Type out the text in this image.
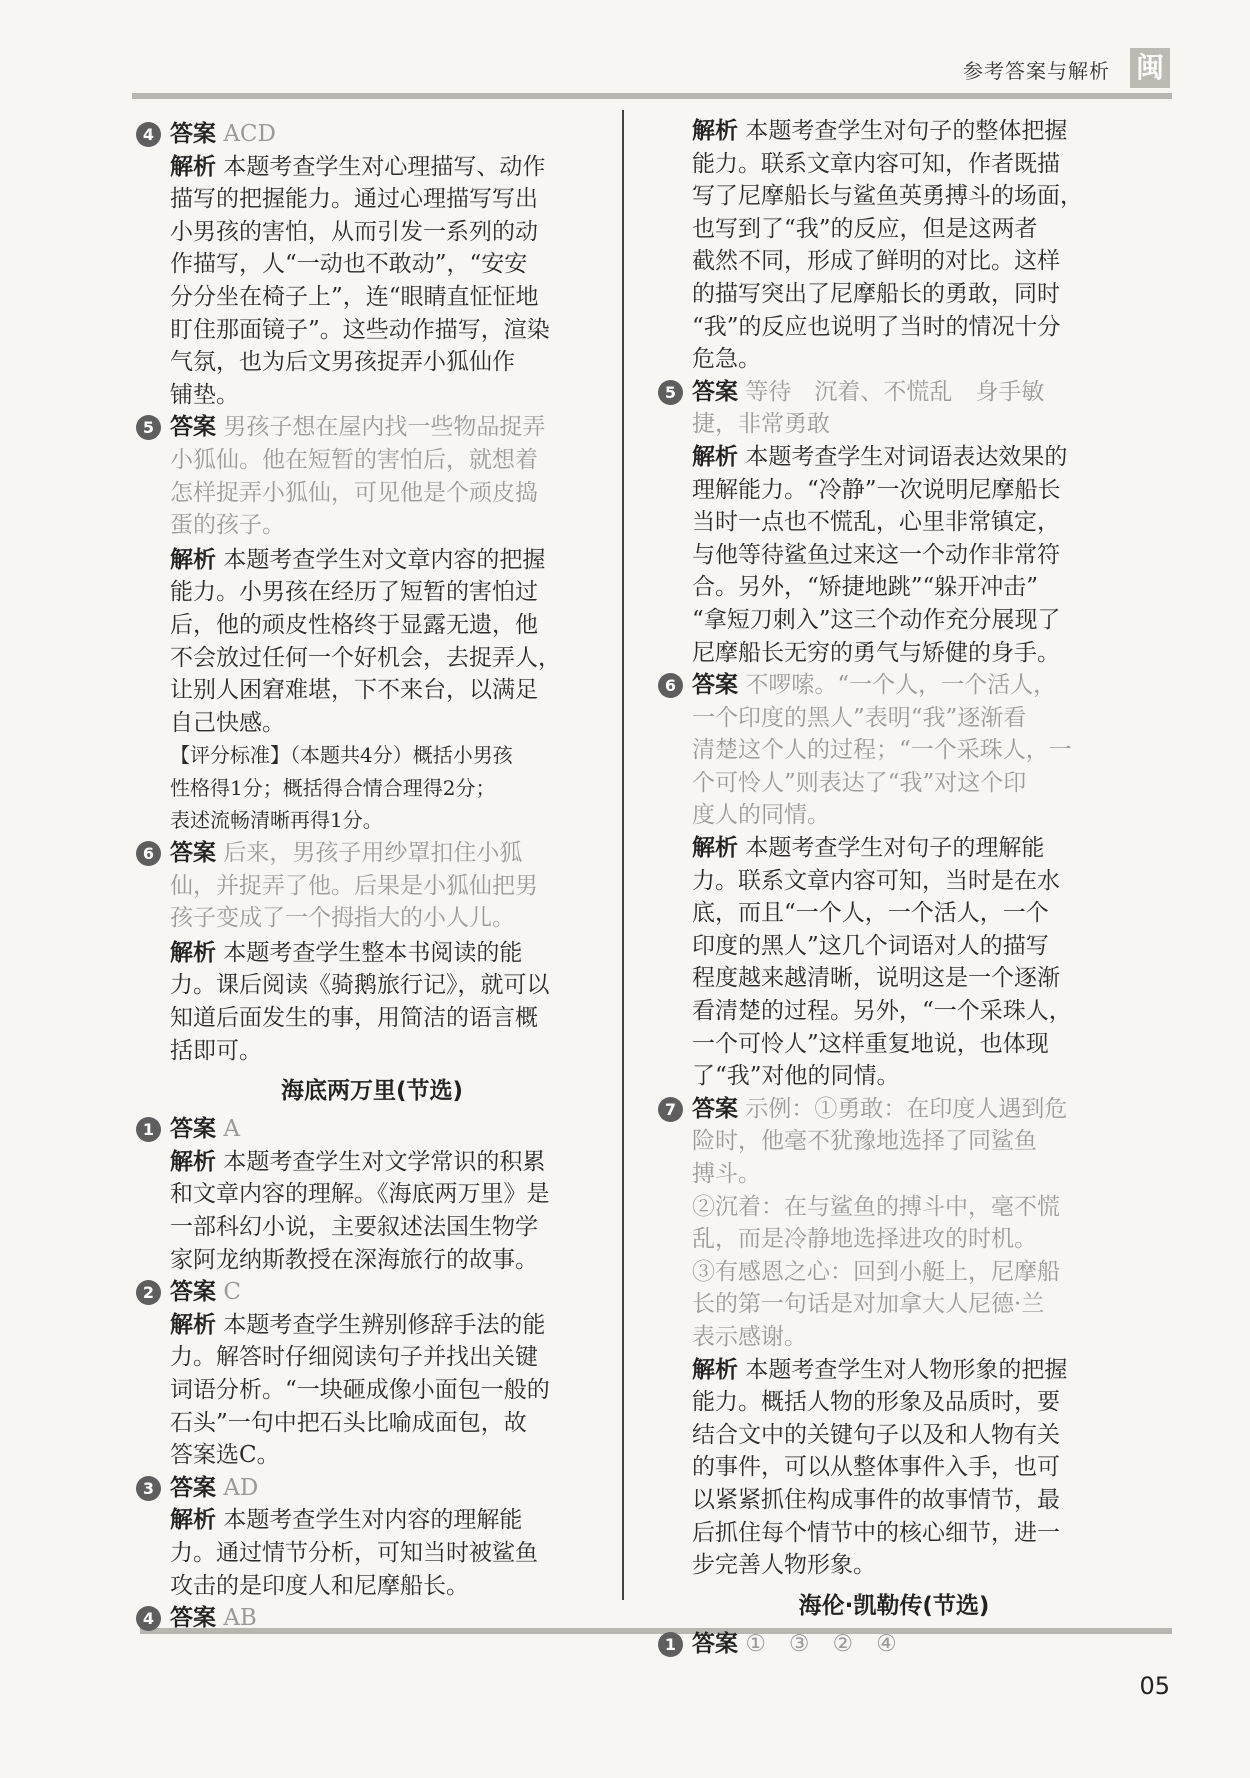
参考答案与解析 闽
05
4 答案 ACD

解析 本题考查学生对心理描写、动作

描写的把握能力。通过心理描写写出

小男孩的害怕，从而引发一系列的动

作描写，人“一动也不敢动”，“安安

分分坐在椅子上”，连“眼睛直怔怔地

盯住那面镜子”。这些动作描写，渲染

气氛，也为后文男孩捉弄小狐仙作

铺垫。

5 答案 男孩子想在屋内找一些物品捉弄

小狐仙。他在短暂的害怕后，就想着

怎样捉弄小狐仙，可见他是个顽皮捣

蛋的孩子。

解析 本题考查学生对文章内容的把握

能力。小男孩在经历了短暂的害怕过

后，他的顽皮性格终于显露无遗，他

不会放过任何一个好机会，去捉弄人，

让别人困窘难堪，下不来台，以满足

自己快感。

【评分标准】（本题共4分）概括小男孩

性格得1分；概括得合情合理得2分；

表述流畅清晰再得1分。

6 答案 后来，男孩子用纱罩扣住小狐

仙，并捉弄了他。后果是小狐仙把男

孩子变成了一个拇指大的小人儿。

解析 本题考查学生整本书阅读的能

力。课后阅读《骑鹅旅行记》，就可以

知道后面发生的事，用简洁的语言概

括即可。

海底两万里(节选)
1 答案 A

解析 本题考查学生对文学常识的积累

和文章内容的理解。《海底两万里》是

一部科幻小说，主要叙述法国生物学

家阿龙纳斯教授在深海旅行的故事。

2 答案 C

解析 本题考查学生辨别修辞手法的能

力。解答时仔细阅读句子并找出关键

词语分析。“一块砸成像小面包一般的

石头”一句中把石头比喻成面包，故

答案选C。

3 答案 AD

解析 本题考查学生对内容的理解能

力。通过情节分析，可知当时被鲨鱼

攻击的是印度人和尼摩船长。

4 答案 AB

解析 本题考查学生对句子的整体把握

能力。联系文章内容可知，作者既描

写了尼摩船长与鲨鱼英勇搏斗的场面，

也写到了“我”的反应，但是这两者

截然不同，形成了鲜明的对比。这样

的描写突出了尼摩船长的勇敢，同时

“我”的反应也说明了当时的情况十分

危急。

5 答案 等待　沉着、不慌乱　身手敏

捷，非常勇敢

解析 本题考查学生对词语表达效果的

理解能力。“冷静”一次说明尼摩船长

当时一点也不慌乱，心里非常镇定，

与他等待鲨鱼过来这一个动作非常符

合。另外，“矫捷地跳”“躲开冲击”

“拿短刀刺入”这三个动作充分展现了

尼摩船长无穷的勇气与矫健的身手。

6 答案 不啰嗦。“一个人，一个活人，

一个印度的黑人”表明“我”逐渐看

清楚这个人的过程；“一个采珠人，一

个可怜人”则表达了“我”对这个印

度人的同情。

解析 本题考查学生对句子的理解能

力。联系文章内容可知，当时是在水

底，而且“一个人，一个活人，一个

印度的黑人”这几个词语对人的描写

程度越来越清晰，说明这是一个逐渐

看清楚的过程。另外，“一个采珠人，

一个可怜人”这样重复地说，也体现

了“我”对他的同情。

7 答案 示例：①勇敢：在印度人遇到危

险时，他毫不犹豫地选择了同鲨鱼

搏斗。

②沉着：在与鲨鱼的搏斗中，毫不慌

乱，而是冷静地选择进攻的时机。

③有感恩之心：回到小艇上，尼摩船

长的第一句话是对加拿大人尼德·兰

表示感谢。

解析 本题考查学生对人物形象的把握

能力。概括人物的形象及品质时，要

结合文中的关键句子以及和人物有关

的事件，可以从整体事件入手，也可

以紧紧抓住构成事件的故事情节，最

后抓住每个情节中的核心细节，进一

步完善人物形象。

海伦·凯勒传(节选)
1 答案 ①　③　②　④
